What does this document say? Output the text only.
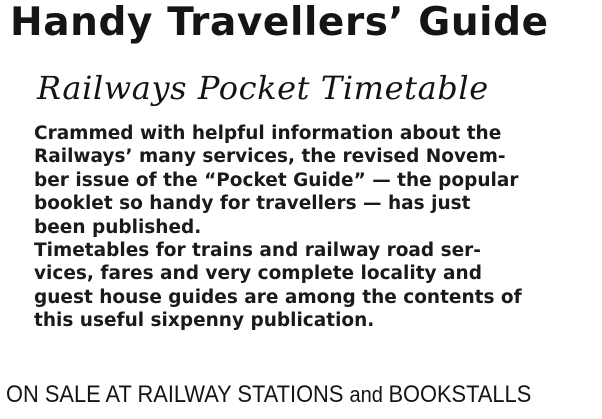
Handy Travellers’ Guide
Railways Pocket Timetable
Crammed with helpful information about the
Railways’ many services, the revised Novem-
ber issue of the “Pocket Guide” — the popular
booklet so handy for travellers — has just
been published.
Timetables for trains and railway road ser-
vices, fares and very complete locality and
guest house guides are among the contents of
this useful sixpenny publication.
ON SALE AT RAILWAY STATIONS and BOOKSTALLS
